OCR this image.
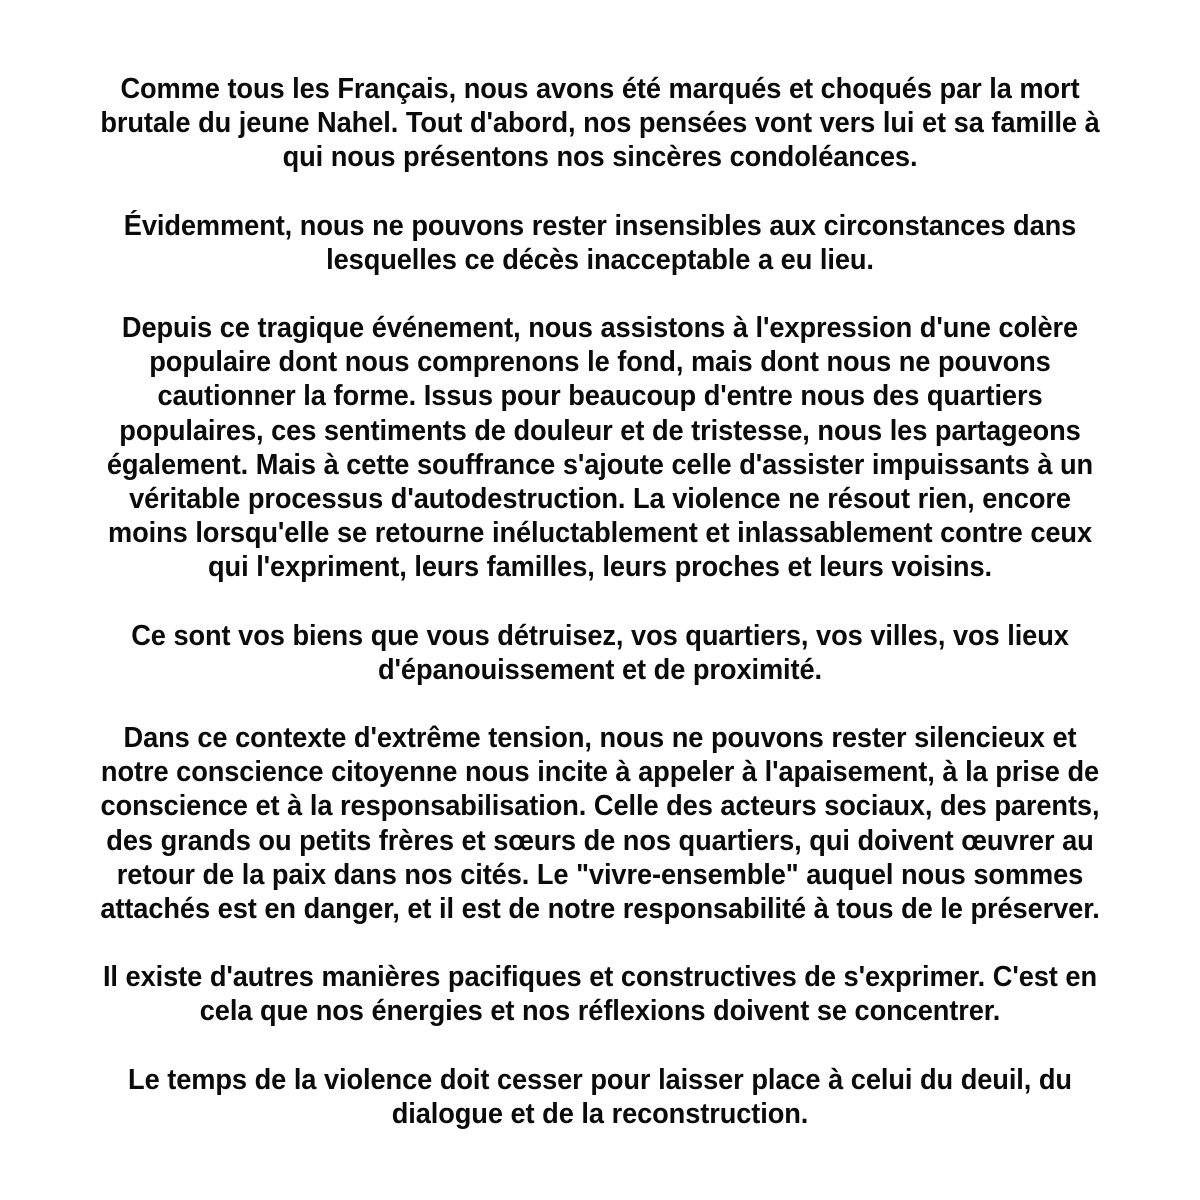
Comme tous les Français, nous avons été marqués et choqués par la mort brutale du jeune Nahel. Tout d'abord, nos pensées vont vers lui et sa famille à qui nous présentons nos sincères condoléances.

Évidemment, nous ne pouvons rester insensibles aux circonstances dans lesquelles ce décès inacceptable a eu lieu.

Depuis ce tragique événement, nous assistons à l'expression d'une colère populaire dont nous comprenons le fond, mais dont nous ne pouvons cautionner la forme. Issus pour beaucoup d'entre nous des quartiers populaires, ces sentiments de douleur et de tristesse, nous les partageons également. Mais à cette souffrance s'ajoute celle d'assister impuissants à un véritable processus d'autodestruction. La violence ne résout rien, encore moins lorsqu'elle se retourne inéluctablement et inlassablement contre ceux qui l'expriment, leurs familles, leurs proches et leurs voisins.

Ce sont vos biens que vous détruisez, vos quartiers, vos villes, vos lieux d'épanouissement et de proximité.

Dans ce contexte d'extrême tension, nous ne pouvons rester silencieux et notre conscience citoyenne nous incite à appeler à l'apaisement, à la prise de conscience et à la responsabilisation. Celle des acteurs sociaux, des parents, des grands ou petits frères et sœurs de nos quartiers, qui doivent œuvrer au retour de la paix dans nos cités. Le "vivre-ensemble" auquel nous sommes attachés est en danger, et il est de notre responsabilité à tous de le préserver.

Il existe d'autres manières pacifiques et constructives de s'exprimer. C'est en cela que nos énergies et nos réflexions doivent se concentrer.

Le temps de la violence doit cesser pour laisser place à celui du deuil, du dialogue et de la reconstruction.
